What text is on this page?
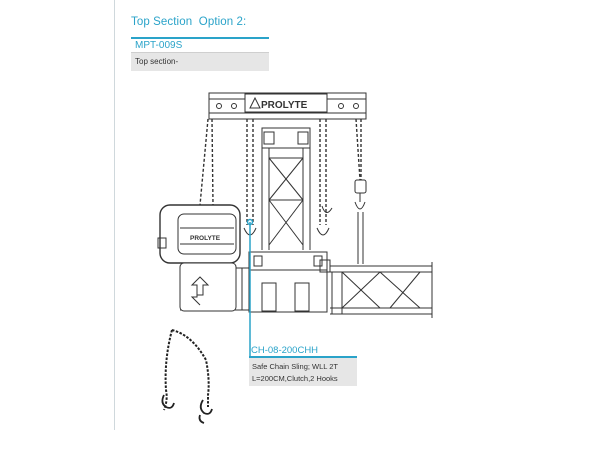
Top Section  Option 2:
MPT-009S
Top section-
PROLYTE
PROLYTE
CH-08-200CHH
Safe Chain Sling; WLL 2T
L=200CM,Clutch,2 Hooks
